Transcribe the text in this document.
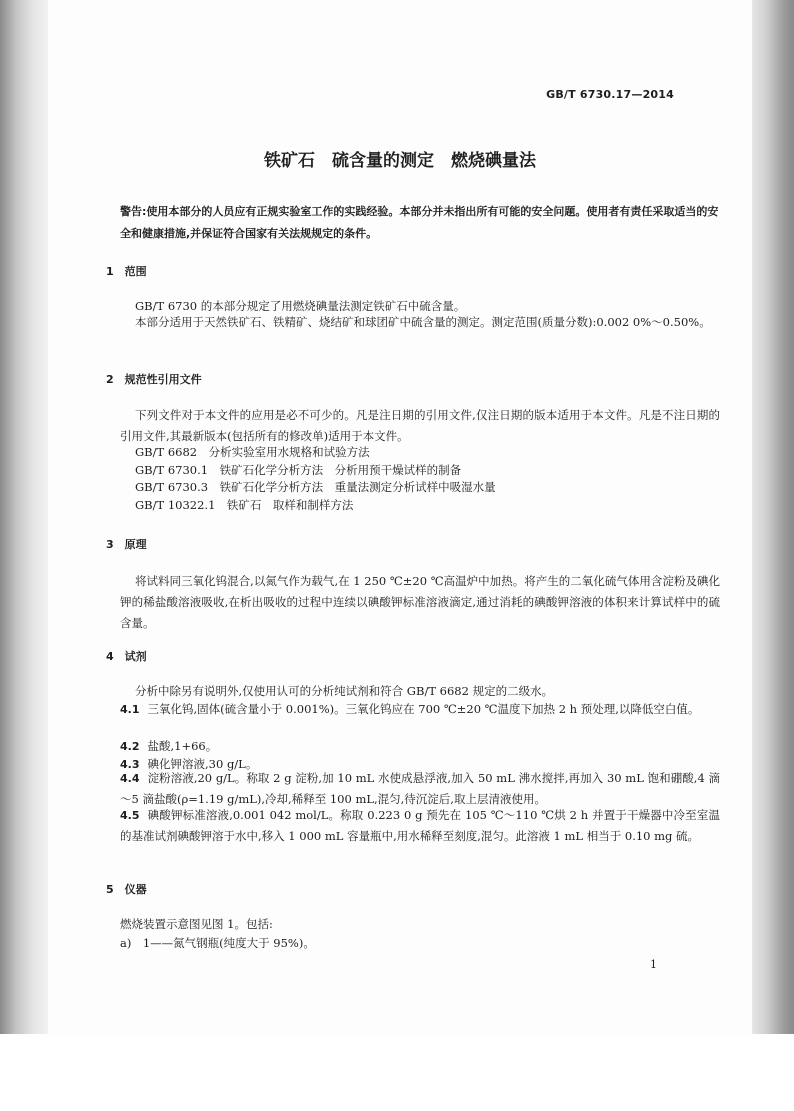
GB/T 6730.17—2014
铁矿石　硫含量的测定　燃烧碘量法
警告:使用本部分的人员应有正规实验室工作的实践经验。本部分并未指出所有可能的安全问题。使用者有责任采取适当的安全和健康措施,并保证符合国家有关法规规定的条件。
1　范围
GB/T 6730 的本部分规定了用燃烧碘量法测定铁矿石中硫含量。
本部分适用于天然铁矿石、铁精矿、烧结矿和球团矿中硫含量的测定。测定范围(质量分数):0.002 0%～0.50%。
2　规范性引用文件
下列文件对于本文件的应用是必不可少的。凡是注日期的引用文件,仅注日期的版本适用于本文件。凡是不注日期的引用文件,其最新版本(包括所有的修改单)适用于本文件。
GB/T 6682　分析实验室用水规格和试验方法
GB/T 6730.1　铁矿石化学分析方法　分析用预干燥试样的制备
GB/T 6730.3　铁矿石化学分析方法　重量法测定分析试样中吸湿水量
GB/T 10322.1　铁矿石　取样和制样方法
3　原理
将试料同三氧化钨混合,以氮气作为载气,在 1 250 ℃±20 ℃高温炉中加热。将产生的二氧化硫气体用含淀粉及碘化钾的稀盐酸溶液吸收,在析出吸收的过程中连续以碘酸钾标准溶液滴定,通过消耗的碘酸钾溶液的体积来计算试样中的硫含量。
4　试剂
分析中除另有说明外,仅使用认可的分析纯试剂和符合 GB/T 6682 规定的二级水。
4.1 三氧化钨,固体(硫含量小于 0.001%)。三氧化钨应在 700 ℃±20 ℃温度下加热 2 h 预处理,以降低空白值。
4.2 盐酸,1+66。
4.3 碘化钾溶液,30 g/L。
4.4 淀粉溶液,20 g/L。称取 2 g 淀粉,加 10 mL 水使成悬浮液,加入 50 mL 沸水搅拌,再加入 30 mL 饱和硼酸,4 滴～5 滴盐酸(ρ=1.19 g/mL),冷却,稀释至 100 mL,混匀,待沉淀后,取上层清液使用。
4.5 碘酸钾标准溶液,0.001 042 mol/L。称取 0.223 0 g 预先在 105 ℃～110 ℃烘 2 h 并置于干燥器中冷至室温的基准试剂碘酸钾溶于水中,移入 1 000 mL 容量瓶中,用水稀释至刻度,混匀。此溶液 1 mL 相当于 0.10 mg 硫。
5　仪器
燃烧装置示意图见图 1。包括:
a)　1——氮气钢瓶(纯度大于 95%)。
1
